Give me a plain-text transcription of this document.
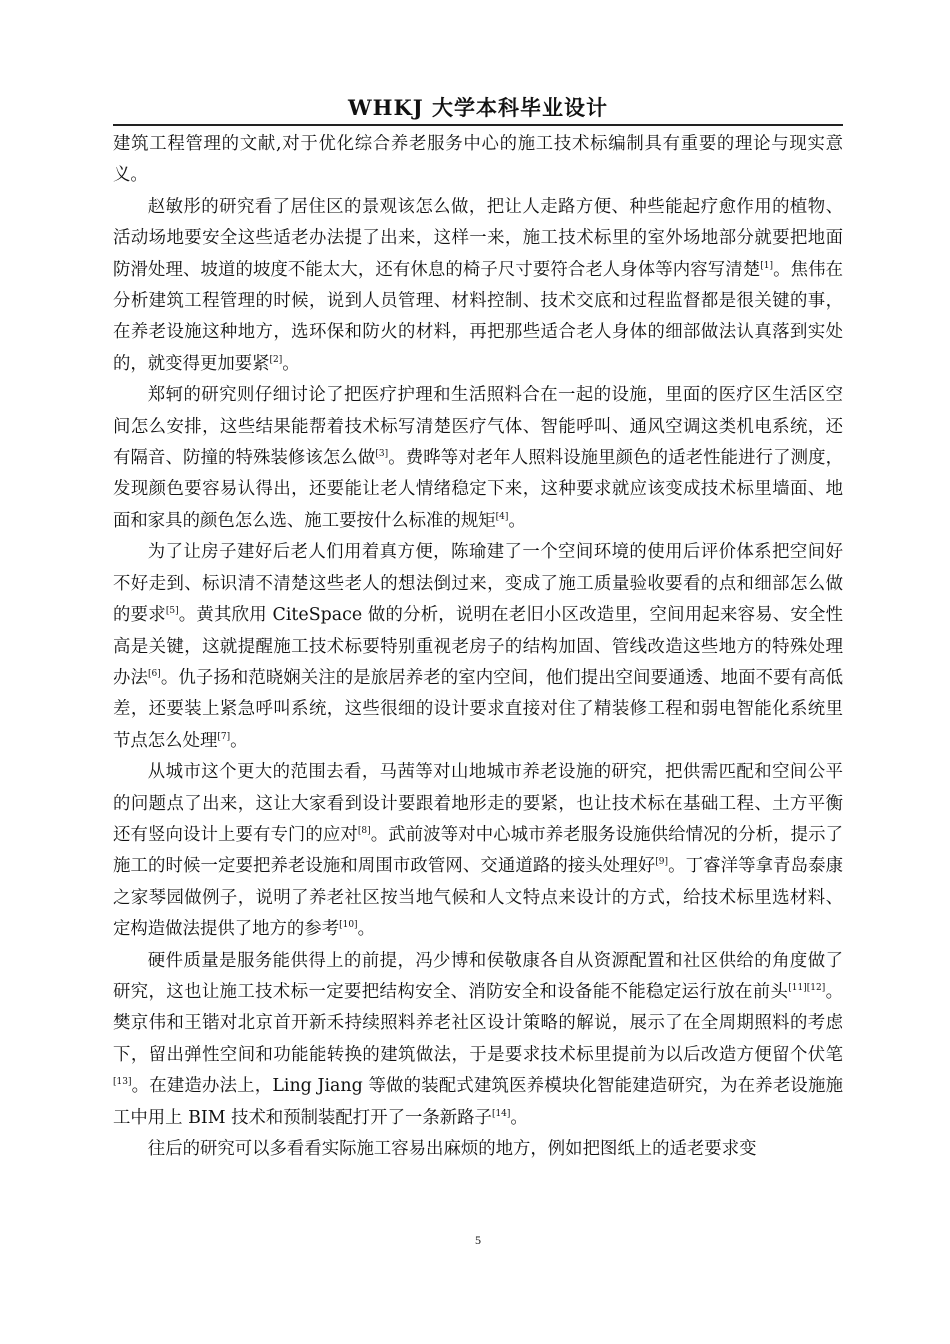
WHKJ 大学本科毕业设计

建筑工程管理的文献,对于优化综合养老服务中心的施工技术标编制具有重要的理论与现实意义。

赵敏彤的研究看了居住区的景观该怎么做，把让人走路方便、种些能起疗愈作用的植物、活动场地要安全这些适老办法提了出来，这样一来，施工技术标里的室外场地部分就要把地面防滑处理、坡道的坡度不能太大，还有休息的椅子尺寸要符合老人身体等内容写清楚[1]。焦伟在分析建筑工程管理的时候，说到人员管理、材料控制、技术交底和过程监督都是很关键的事，在养老设施这种地方，选环保和防火的材料，再把那些适合老人身体的细部做法认真落到实处的，就变得更加要紧[2]。

郑轲的研究则仔细讨论了把医疗护理和生活照料合在一起的设施，里面的医疗区生活区空间怎么安排，这些结果能帮着技术标写清楚医疗气体、智能呼叫、通风空调这类机电系统，还有隔音、防撞的特殊装修该怎么做[3]。费晔等对老年人照料设施里颜色的适老性能进行了测度，发现颜色要容易认得出，还要能让老人情绪稳定下来，这种要求就应该变成技术标里墙面、地面和家具的颜色怎么选、施工要按什么标准的规矩[4]。

为了让房子建好后老人们用着真方便，陈瑜建了一个空间环境的使用后评价体系把空间好不好走到、标识清不清楚这些老人的想法倒过来，变成了施工质量验收要看的点和细部怎么做的要求[5]。黄其欣用 CiteSpace 做的分析，说明在老旧小区改造里，空间用起来容易、安全性高是关键，这就提醒施工技术标要特别重视老房子的结构加固、管线改造这些地方的特殊处理办法[6]。仇子扬和范晓娴关注的是旅居养老的室内空间，他们提出空间要通透、地面不要有高低差，还要装上紧急呼叫系统，这些很细的设计要求直接对住了精装修工程和弱电智能化系统里节点怎么处理[7]。

从城市这个更大的范围去看，马茜等对山地城市养老设施的研究，把供需匹配和空间公平的问题点了出来，这让大家看到设计要跟着地形走的要紧，也让技术标在基础工程、土方平衡还有竖向设计上要有专门的应对[8]。武前波等对中心城市养老服务设施供给情况的分析，提示了施工的时候一定要把养老设施和周围市政管网、交通道路的接头处理好[9]。丁睿洋等拿青岛泰康之家琴园做例子，说明了养老社区按当地气候和人文特点来设计的方式，给技术标里选材料、定构造做法提供了地方的参考[10]。

硬件质量是服务能供得上的前提，冯少博和侯敬康各自从资源配置和社区供给的角度做了研究，这也让施工技术标一定要把结构安全、消防安全和设备能不能稳定运行放在前头[11][12]。樊京伟和王锴对北京首开新禾持续照料养老社区设计策略的解说，展示了在全周期照料的考虑下，留出弹性空间和功能能转换的建筑做法，于是要求技术标里提前为以后改造方便留个伏笔[13]。在建造办法上，Ling Jiang 等做的装配式建筑医养模块化智能建造研究，为在养老设施施工中用上 BIM 技术和预制装配打开了一条新路子[14]。

往后的研究可以多看看实际施工容易出麻烦的地方，例如把图纸上的适老要求变

5
